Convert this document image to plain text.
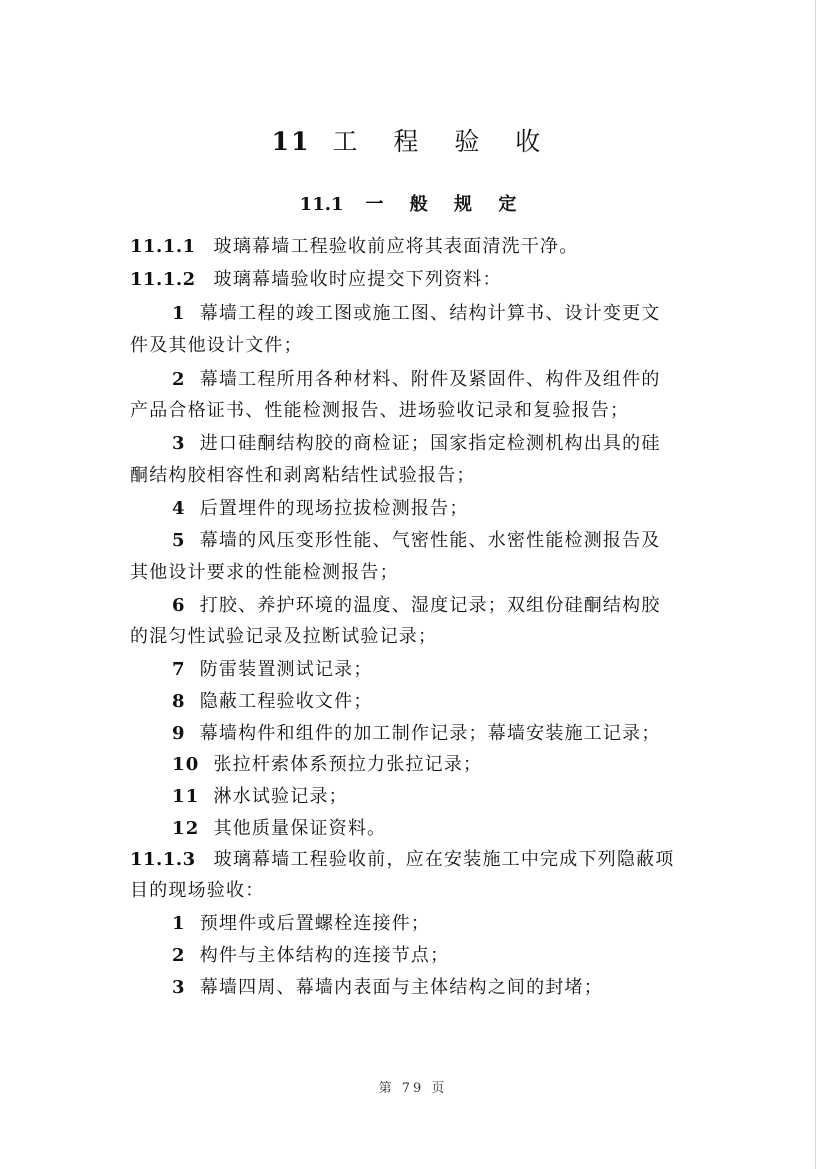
11 工 程 验 收
11.1 一 般 规 定
11.1.1 玻璃幕墙工程验收前应将其表面清洗干净。
11.1.2 玻璃幕墙验收时应提交下列资料：
1 幕墙工程的竣工图或施工图、结构计算书、设计变更文
件及其他设计文件；
2 幕墙工程所用各种材料、附件及紧固件、构件及组件的
产品合格证书、性能检测报告、进场验收记录和复验报告；
3 进口硅酮结构胶的商检证；国家指定检测机构出具的硅
酮结构胶相容性和剥离粘结性试验报告；
4 后置埋件的现场拉拔检测报告；
5 幕墙的风压变形性能、气密性能、水密性能检测报告及
其他设计要求的性能检测报告；
6 打胶、养护环境的温度、湿度记录；双组份硅酮结构胶
的混匀性试验记录及拉断试验记录；
7 防雷装置测试记录；
8 隐蔽工程验收文件；
9 幕墙构件和组件的加工制作记录；幕墙安装施工记录；
10 张拉杆索体系预拉力张拉记录；
11 淋水试验记录；
12 其他质量保证资料。
11.1.3 玻璃幕墙工程验收前，应在安装施工中完成下列隐蔽项
目的现场验收：
1 预埋件或后置螺栓连接件；
2 构件与主体结构的连接节点；
3 幕墙四周、幕墙内表面与主体结构之间的封堵；
第 79 页
